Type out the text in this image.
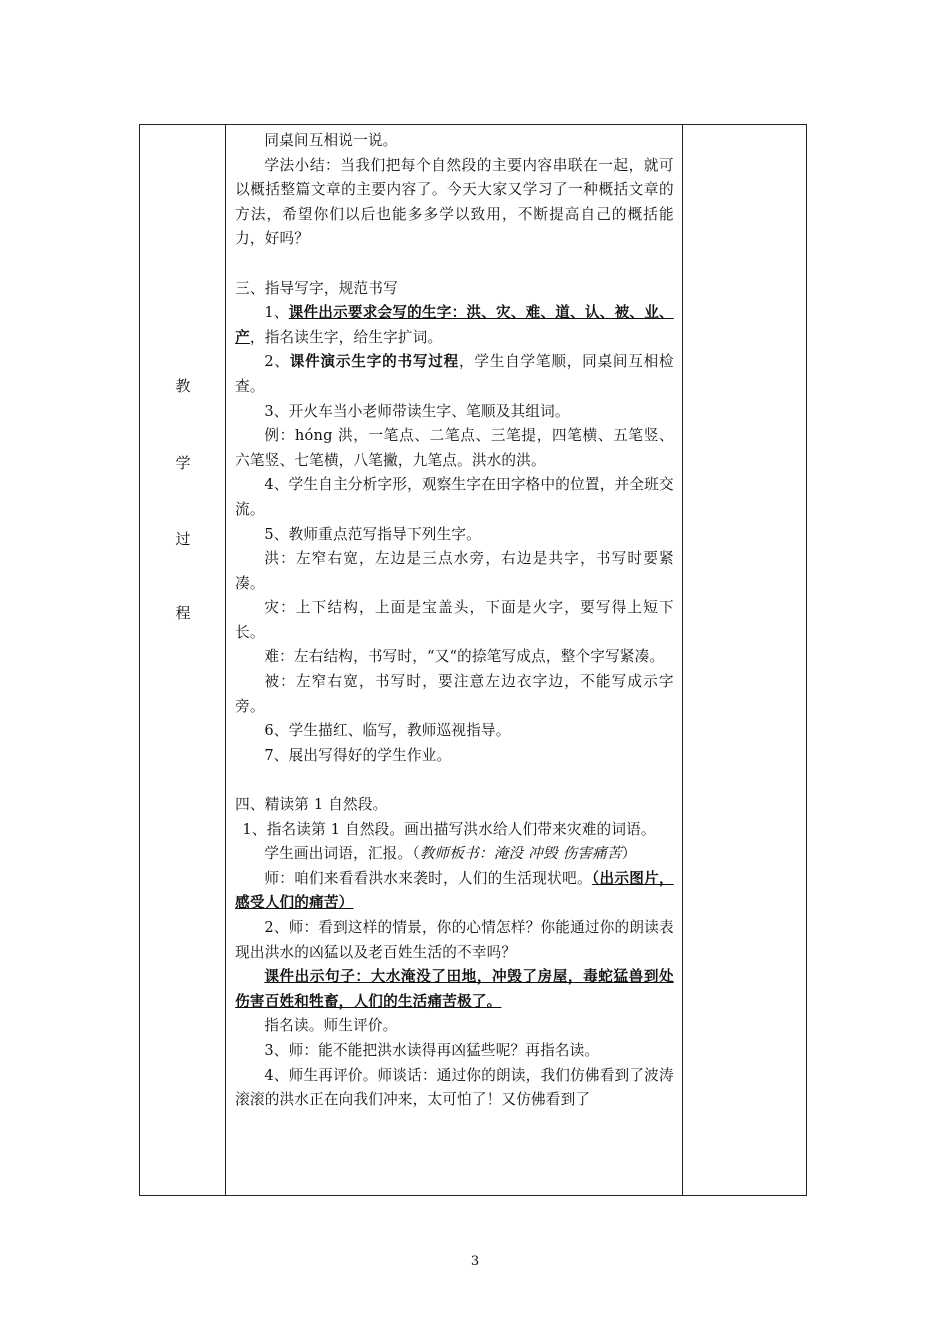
教
学
过
程

同桌间互相说一说。

学法小结：当我们把每个自然段的主要内容串联在一起，就可以概括整篇文章的主要内容了。今天大家又学习了一种概括文章的方法，希望你们以后也能多多学以致用，不断提高自己的概括能力，好吗？

三、指导写字，规范书写

1、课件出示要求会写的生字：洪、灾、难、道、认、被、业、产，指名读生字，给生字扩词。

2、课件演示生字的书写过程，学生自学笔顺，同桌间互相检查。

3、开火车当小老师带读生字、笔顺及其组词。

例：hóng 洪，一笔点、二笔点、三笔提，四笔横、五笔竖、六笔竖、七笔横，八笔撇，九笔点。洪水的洪。

4、学生自主分析字形，观察生字在田字格中的位置，并全班交流。

5、教师重点范写指导下列生字。

洪：左窄右宽，左边是三点水旁，右边是共字，书写时要紧凑。

灾：上下结构，上面是宝盖头，下面是火字，要写得上短下长。

难：左右结构，书写时，“又“的捺笔写成点，整个字写紧凑。

被：左窄右宽，书写时，要注意左边衣字边，不能写成示字旁。

6、学生描红、临写，教师巡视指导。

7、展出写得好的学生作业。

四、精读第 1 自然段。

1、指名读第 1 自然段。画出描写洪水给人们带来灾难的词语。

学生画出词语，汇报。（教师板书：淹没 冲毁 伤害痛苦）

师：咱们来看看洪水来袭时，人们的生活现状吧。（出示图片，感受人们的痛苦）

2、师：看到这样的情景，你的心情怎样？你能通过你的朗读表现出洪水的凶猛以及老百姓生活的不幸吗？

课件出示句子：大水淹没了田地，冲毁了房屋，毒蛇猛兽到处伤害百姓和牲畜，人们的生活痛苦极了。

指名读。师生评价。

3、师：能不能把洪水读得再凶猛些呢？再指名读。

4、师生再评价。师谈话：通过你的朗读，我们仿佛看到了波涛滚滚的洪水正在向我们冲来，太可怕了！又仿佛看到了

3
